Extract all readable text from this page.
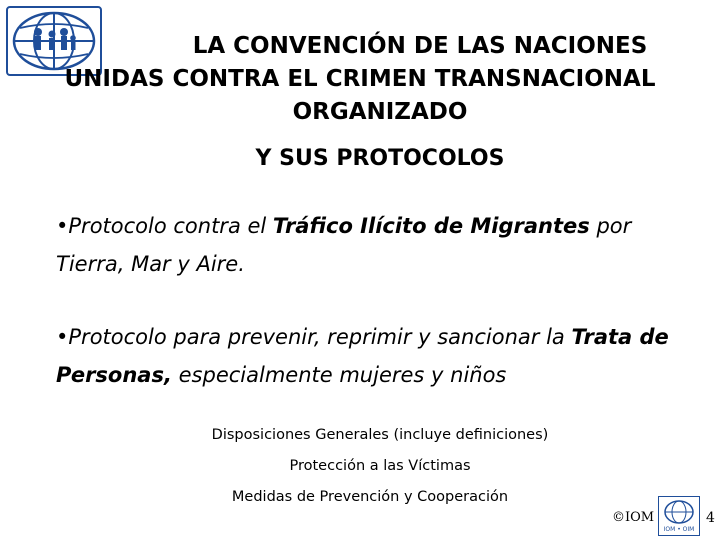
LA CONVENCIÓN DE LAS NACIONES
UNIDAS CONTRA EL CRIMEN TRANSNACIONAL
ORGANIZADO
Y SUS PROTOCOLOS
•Protocolo contra el Tráfico Ilícito de Migrantes por Tierra, Mar y Aire.
•Protocolo para prevenir, reprimir y sancionar la Trata de Personas, especialmente mujeres y niños
Disposiciones Generales (incluye definiciones)
Protección a las Víctimas
Medidas de Prevención y Cooperación
©IOM
IOM • OIM
4
